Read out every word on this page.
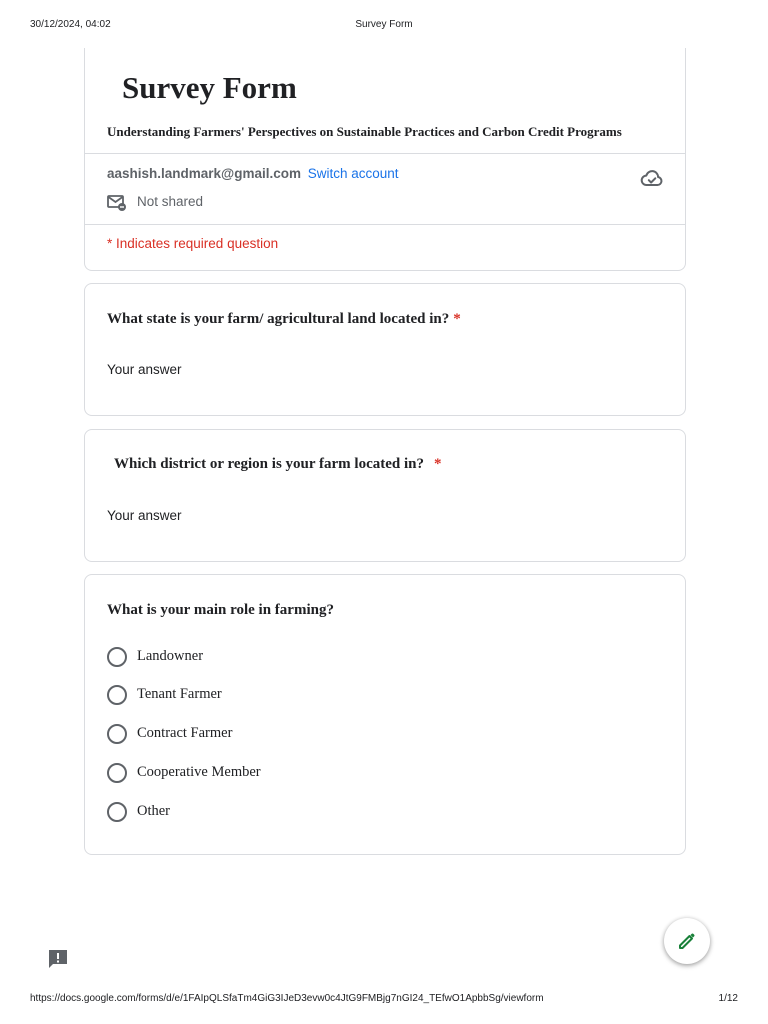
30/12/2024, 04:02	Survey Form
Survey Form
Understanding Farmers' Perspectives on Sustainable Practices and Carbon Credit Programs
aashish.landmark@gmail.com Switch account
Not shared
* Indicates required question
What state is your farm/ agricultural land located in? *
Your answer
Which district or region is your farm located in? *
Your answer
What is your main role in farming?
Landowner
Tenant Farmer
Contract Farmer
Cooperative Member
Other
https://docs.google.com/forms/d/e/1FAIpQLSfaTm4GiG3IJeD3evw0c4JtG9FMBjg7nGI24_TEfwO1ApbbSg/viewform	1/12
